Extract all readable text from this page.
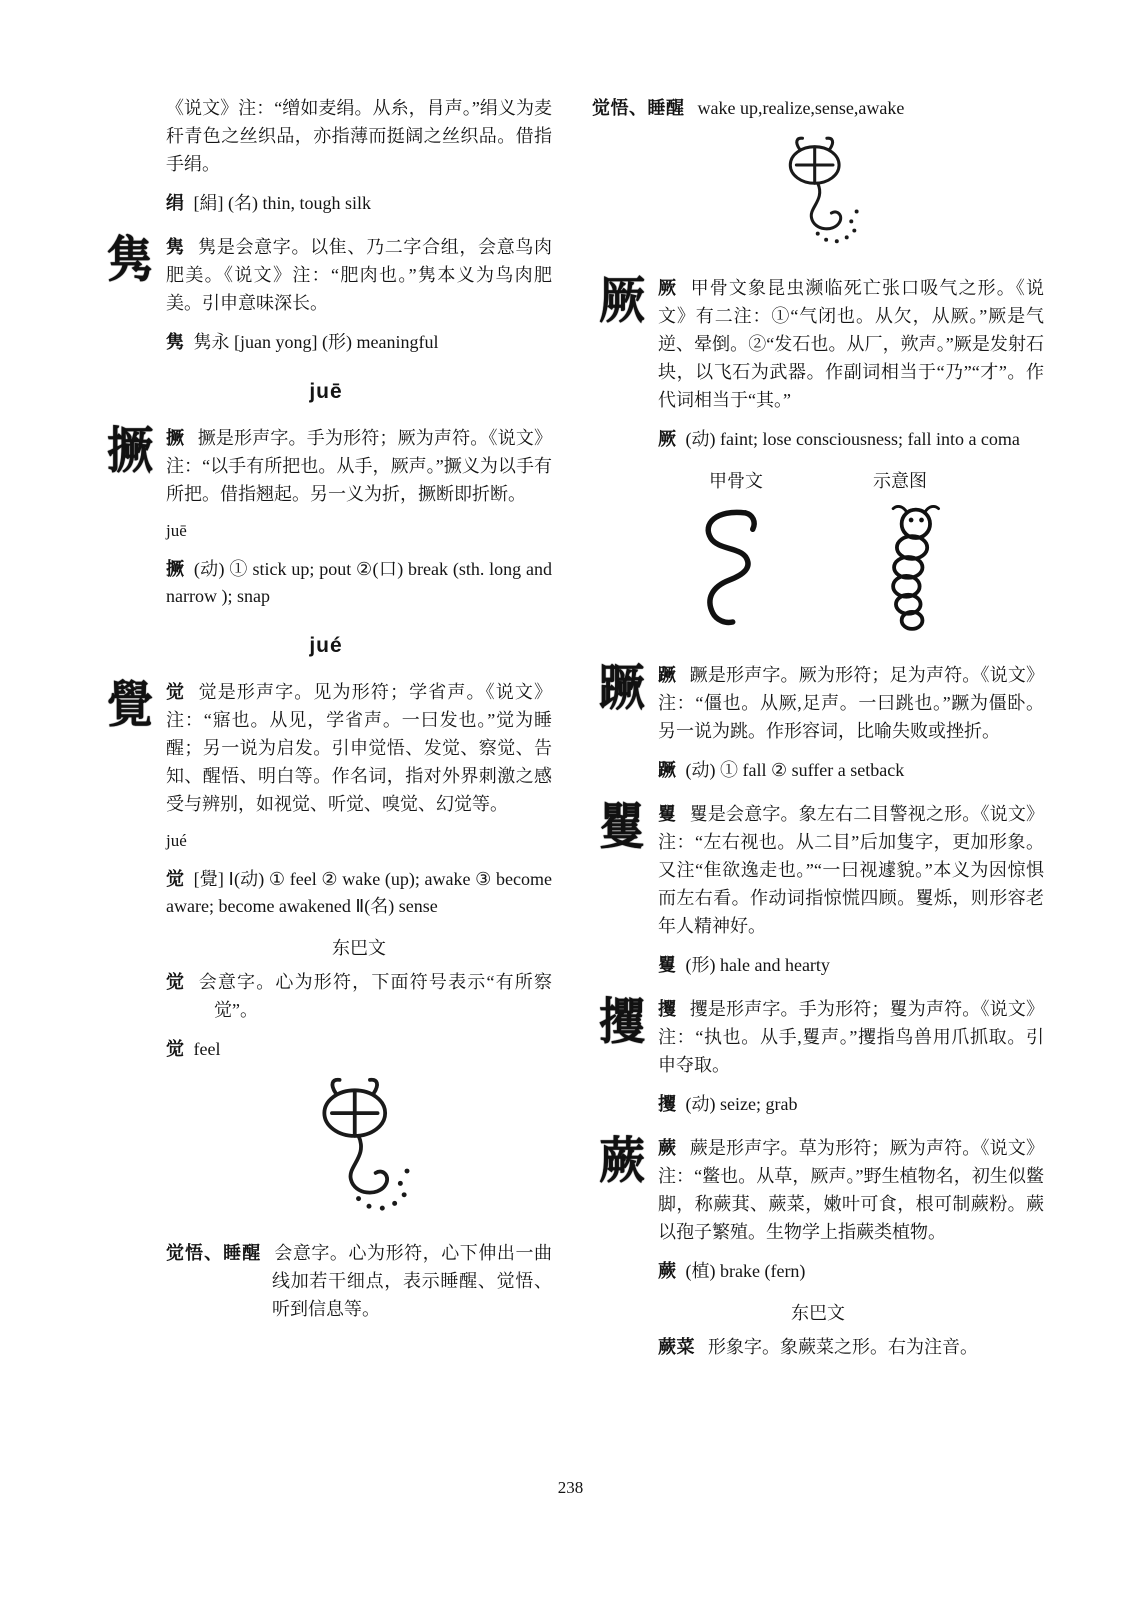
《说文》注：“缯如麦绢。从糸，肙声。”绢义为麦秆青色之丝织品，亦指薄而挺阔之丝织品。借指手绢。

绢 [絹] (名) thin, tough silk

隽 隽 隽是会意字。以隹、乃二字合组，会意鸟肉肥美。《说文》注：“肥肉也。”隽本义为鸟肉肥美。引申意味深长。

隽 隽永 [juan yong] (形) meaningful

juē
撅 撅 撅是形声字。手为形符；厥为声符。《说文》注：“以手有所把也。从手，厥声。”撅义为以手有所把。借指翘起。另一义为折，撅断即折断。

juē

撅 (动) ① stick up; pout ②(口) break (sth. long and narrow ); snap

jué
覺 觉 觉是形声字。见为形符；学省声。《说文》注：“寤也。从见，学省声。一曰发也。”觉为睡醒；另一说为启发。引申觉悟、发觉、察觉、告知、醒悟、明白等。作名词，指对外界刺激之感受与辨别，如视觉、听觉、嗅觉、幻觉等。

jué

觉 [覺] Ⅰ(动) ① feel ② wake (up); awake ③ become aware; become awakened Ⅱ(名) sense

东巴文

觉 会意字。心为形符，下面符号表示“有所察觉”。

觉 feel

觉悟、睡醒 会意字。心为形符，心下伸出一曲线加若干细点，表示睡醒、觉悟、听到信息等。

觉悟、睡醒 wake up,realize,sense,awake

厥 厥 甲骨文象昆虫濒临死亡张口吸气之形。《说文》有二注：①“气闭也。从欠，从厥。”厥是气逆、晕倒。②“发石也。从厂，欮声。”厥是发射石块，以飞石为武器。作副词相当于“乃”“才”。作代词相当于“其。”

厥 (动) faint; lose consciousness; fall into a coma

甲骨文	示意图
蹶 蹶 蹶是形声字。厥为形符；足为声符。《说文》注：“僵也。从厥,足声。一曰跳也。”蹶为僵卧。另一说为跳。作形容词，比喻失败或挫折。

蹶 (动) ① fall ② suffer a setback

矍 矍 矍是会意字。象左右二目警视之形。《说文》注：“左右视也。从二目”后加隻字，更加形象。又注“隹欲逸走也。”“一曰视遽貌。”本义为因惊惧而左右看。作动词指惊慌四顾。矍烁，则形容老年人精神好。

矍 (形) hale and hearty

攫 攫 攫是形声字。手为形符；矍为声符。《说文》注：“执也。从手,矍声。”攫指鸟兽用爪抓取。引申夺取。

攫 (动) seize; grab

蕨 蕨 蕨是形声字。草为形符；厥为声符。《说文》注：“鳖也。从草，厥声。”野生植物名，初生似鳖脚，称蕨萁、蕨菜，嫩叶可食，根可制蕨粉。蕨以孢子繁殖。生物学上指蕨类植物。

蕨 (植) brake (fern)

东巴文

蕨菜 形象字。象蕨菜之形。右为注音。

238
